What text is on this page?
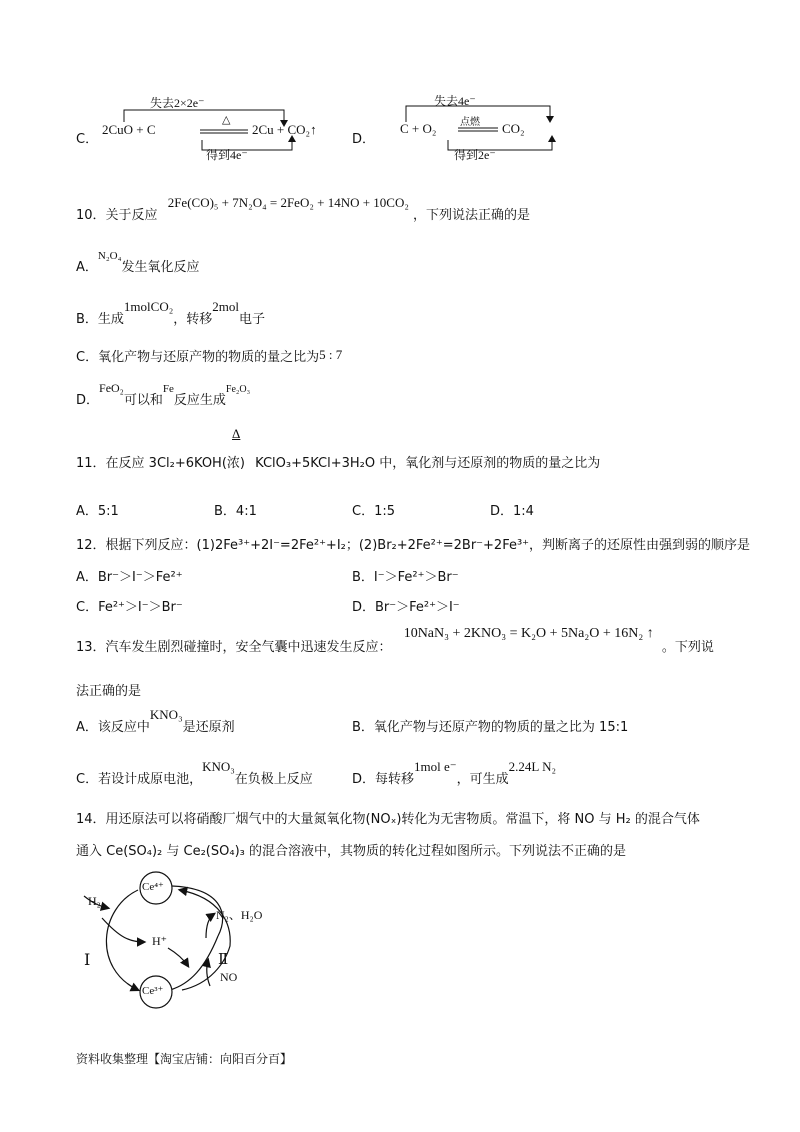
C．
失去2×2e⁻
2CuO + C
△
2Cu + CO₂↑
得到4e⁻
D．
失去4e⁻
C + O₂ 点燃 CO₂
得到2e⁻
10．关于反应 2Fe(CO)₅ + 7N₂O₄ = 2FeO₂ + 14NO + 10CO₂ ，下列说法正确的是
A．N₂O₄发生氧化反应
B．生成1molCO₂，转移2mol电子
C．氧化产物与还原产物的物质的量之比为5 : 7
D．FeO₂可以和Fe反应生成Fe₂O₃
Δ
11．在反应 3Cl₂+6KOH(浓) KClO₃+5KCl+3H₂O 中，氧化剂与还原剂的物质的量之比为
A．5:1	B．4:1	C．1:5	D．1:4
12．根据下列反应：(1)2Fe³⁺+2I⁻=2Fe²⁺+I₂；(2)Br₂+2Fe²⁺=2Br⁻+2Fe³⁺，判断离子的还原性由强到弱的顺序是
A．Br⁻＞I⁻＞Fe²⁺	B．I⁻＞Fe²⁺＞Br⁻
C．Fe²⁺＞I⁻＞Br⁻	D．Br⁻＞Fe²⁺＞I⁻
13．汽车发生剧烈碰撞时，安全气囊中迅速发生反应： 10NaN₃ + 2KNO₃ = K₂O + 5Na₂O + 16N₂ ↑ 。下列说
法正确的是
A．该反应中KNO₃是还原剂	B．氧化产物与还原产物的物质的量之比为 15:1
C．若设计成原电池，KNO₃在负极上反应	D．每转移1mol e⁻，可生成2.24L N₂
14．用还原法可以将硝酸厂烟气中的大量氮氧化物(NOₓ)转化为无害物质。常温下，将 NO 与 H₂ 的混合气体
通入 Ce(SO₄)₂ 与 Ce₂(SO₄)₃ 的混合溶液中，其物质的转化过程如图所示。下列说法不正确的是
H₂
Ce⁴⁺
N₂、H₂O
H⁺
Ⅰ	Ⅱ
NO
Ce³⁺
资料收集整理【淘宝店铺：向阳百分百】
